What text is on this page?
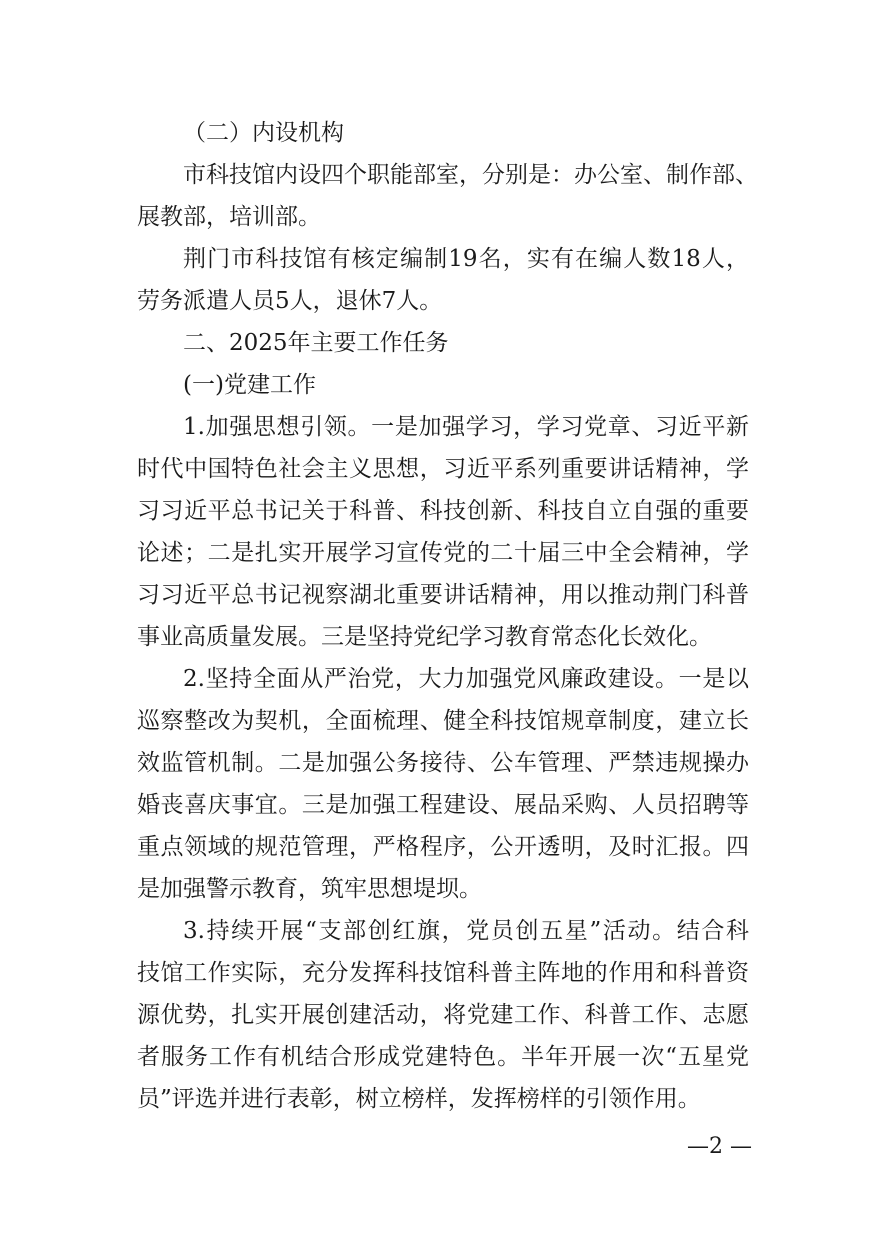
（二）内设机构
市科技馆内设四个职能部室，分别是：办公室、制作部、
展教部，培训部。
荆门市科技馆有核定编制19名，实有在编人数18人，
劳务派遣人员5人，退休7人。
二、2025年主要工作任务
(一)党建工作
1.加强思想引领。一是加强学习，学习党章、习近平新
时代中国特色社会主义思想，习近平系列重要讲话精神，学
习习近平总书记关于科普、科技创新、科技自立自强的重要
论述；二是扎实开展学习宣传党的二十届三中全会精神，学
习习近平总书记视察湖北重要讲话精神，用以推动荆门科普
事业高质量发展。三是坚持党纪学习教育常态化长效化。
2.坚持全面从严治党，大力加强党风廉政建设。一是以
巡察整改为契机，全面梳理、健全科技馆规章制度，建立长
效监管机制。二是加强公务接待、公车管理、严禁违规操办
婚丧喜庆事宜。三是加强工程建设、展品采购、人员招聘等
重点领域的规范管理，严格程序，公开透明，及时汇报。四
是加强警示教育，筑牢思想堤坝。
3.持续开展“支部创红旗，党员创五星”活动。结合科
技馆工作实际，充分发挥科技馆科普主阵地的作用和科普资
源优势，扎实开展创建活动，将党建工作、科普工作、志愿
者服务工作有机结合形成党建特色。半年开展一次“五星党
员”评选并进行表彰，树立榜样，发挥榜样的引领作用。
—2 —
